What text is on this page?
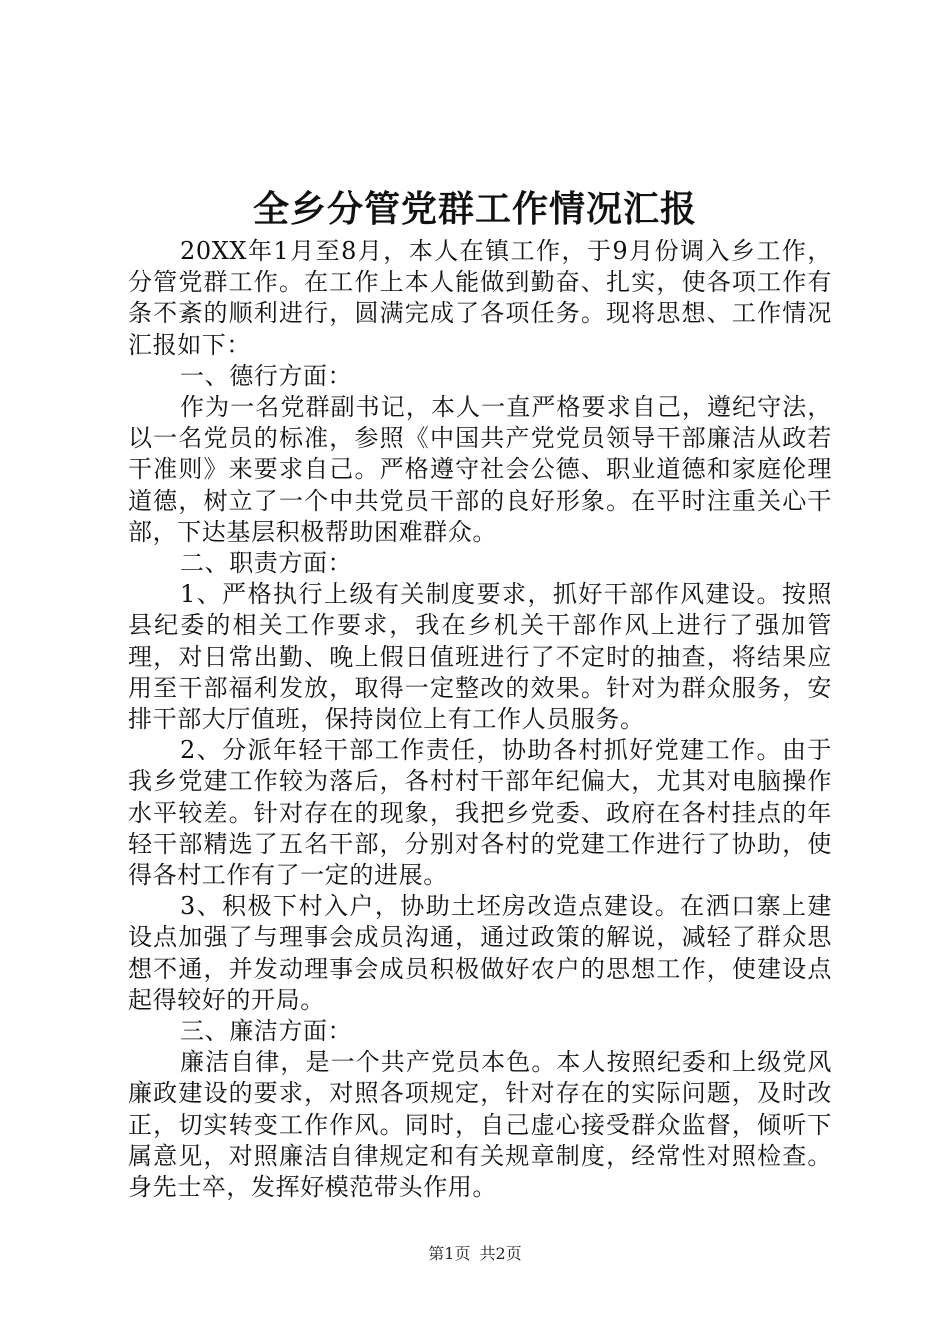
全乡分管党群工作情况汇报

20XX年1月至8月，本人在镇工作，于9月份调入乡工作，分管党群工作。在工作上本人能做到勤奋、扎实，使各项工作有条不紊的顺利进行，圆满完成了各项任务。现将思想、工作情况汇报如下：

一、德行方面：

作为一名党群副书记，本人一直严格要求自己，遵纪守法，以一名党员的标准，参照《中国共产党党员领导干部廉洁从政若干准则》来要求自己。严格遵守社会公德、职业道德和家庭伦理道德，树立了一个中共党员干部的良好形象。在平时注重关心干部，下达基层积极帮助困难群众。

二、职责方面：

1、严格执行上级有关制度要求，抓好干部作风建设。按照县纪委的相关工作要求，我在乡机关干部作风上进行了强加管理，对日常出勤、晚上假日值班进行了不定时的抽查，将结果应用至干部福利发放，取得一定整改的效果。针对为群众服务，安排干部大厅值班，保持岗位上有工作人员服务。

2、分派年轻干部工作责任，协助各村抓好党建工作。由于我乡党建工作较为落后，各村村干部年纪偏大，尤其对电脑操作水平较差。针对存在的现象，我把乡党委、政府在各村挂点的年轻干部精选了五名干部，分别对各村的党建工作进行了协助，使得各村工作有了一定的进展。

3、积极下村入户，协助土坯房改造点建设。在洒口寨上建设点加强了与理事会成员沟通，通过政策的解说，减轻了群众思想不通，并发动理事会成员积极做好农户的思想工作，使建设点起得较好的开局。

三、廉洁方面：

廉洁自律，是一个共产党员本色。本人按照纪委和上级党风廉政建设的要求，对照各项规定，针对存在的实际问题，及时改正，切实转变工作作风。同时，自己虚心接受群众监督，倾听下属意见，对照廉洁自律规定和有关规章制度，经常性对照检查。身先士卒，发挥好模范带头作用。

第1页 共2页
